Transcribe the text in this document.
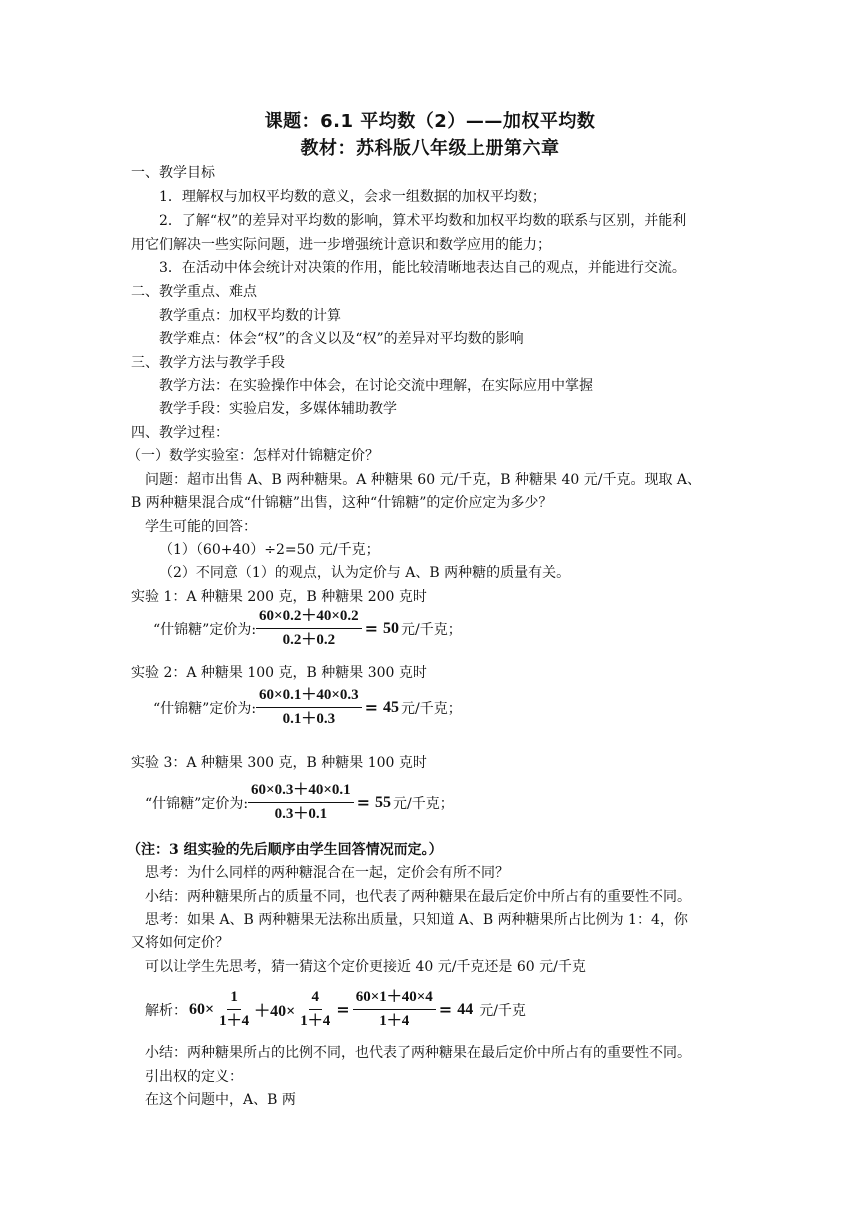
课题：6.1 平均数（2）——加权平均数
教材：苏科版八年级上册第六章
一、教学目标
1．理解权与加权平均数的意义，会求一组数据的加权平均数；
2．了解“权”的差异对平均数的影响，算术平均数和加权平均数的联系与区别，并能利
用它们解决一些实际问题，进一步增强统计意识和数学应用的能力；
3．在活动中体会统计对决策的作用，能比较清晰地表达自己的观点，并能进行交流。
二、教学重点、难点
教学重点：加权平均数的计算
教学难点：体会“权”的含义以及“权”的差异对平均数的影响
三、教学方法与教学手段
教学方法：在实验操作中体会，在讨论交流中理解，在实际应用中掌握
教学手段：实验启发，多媒体辅助教学
四、教学过程：
（一）数学实验室：怎样对什锦糖定价？
问题：超市出售 A、B 两种糖果。A 种糖果 60 元/千克，B 种糖果 40 元/千克。现取 A、
B 两种糖果混合成“什锦糖”出售，这种“什锦糖”的定价应定为多少？
学生可能的回答：
（1）（60+40）÷2=50 元/千克；
（2）不同意（1）的观点，认为定价与 A、B 两种糖的质量有关。
实验 1：A 种糖果 200 克，B 种糖果 200 克时
“什锦糖”定价为: $\frac{60\times 0.2+40\times 0.2}{0.2+0.2} = 50$ 元/千克；
实验 2：A 种糖果 100 克，B 种糖果 300 克时
“什锦糖”定价为: $\frac{60\times 0.1+40\times 0.3}{0.1+0.3} = 45$ 元/千克；
实验 3：A 种糖果 300 克，B 种糖果 100 克时
“什锦糖”定价为: $\frac{60\times 0.3+40\times 0.1}{0.3+0.1} = 55$ 元/千克；
（注：3 组实验的先后顺序由学生回答情况而定。）
思考：为什么同样的两种糖混合在一起，定价会有所不同？
小结：两种糖果所占的质量不同，也代表了两种糖果在最后定价中所占有的重要性不同。
思考：如果 A、B 两种糖果无法称出质量，只知道 A、B 两种糖果所占比例为 1：4，你
又将如何定价？
可以让学生先思考，猜一猜这个定价更接近 40 元/千克还是 60 元/千克
解析： $60\times \frac{1}{1+4} +40\times \frac{4}{1+4} = \frac{60\times 1+40\times 4}{1+4} = 44$ 元/千克
小结：两种糖果所占的比例不同，也代表了两种糖果在最后定价中所占有的重要性不同。
引出权的定义：
在这个问题中，A、B 两
